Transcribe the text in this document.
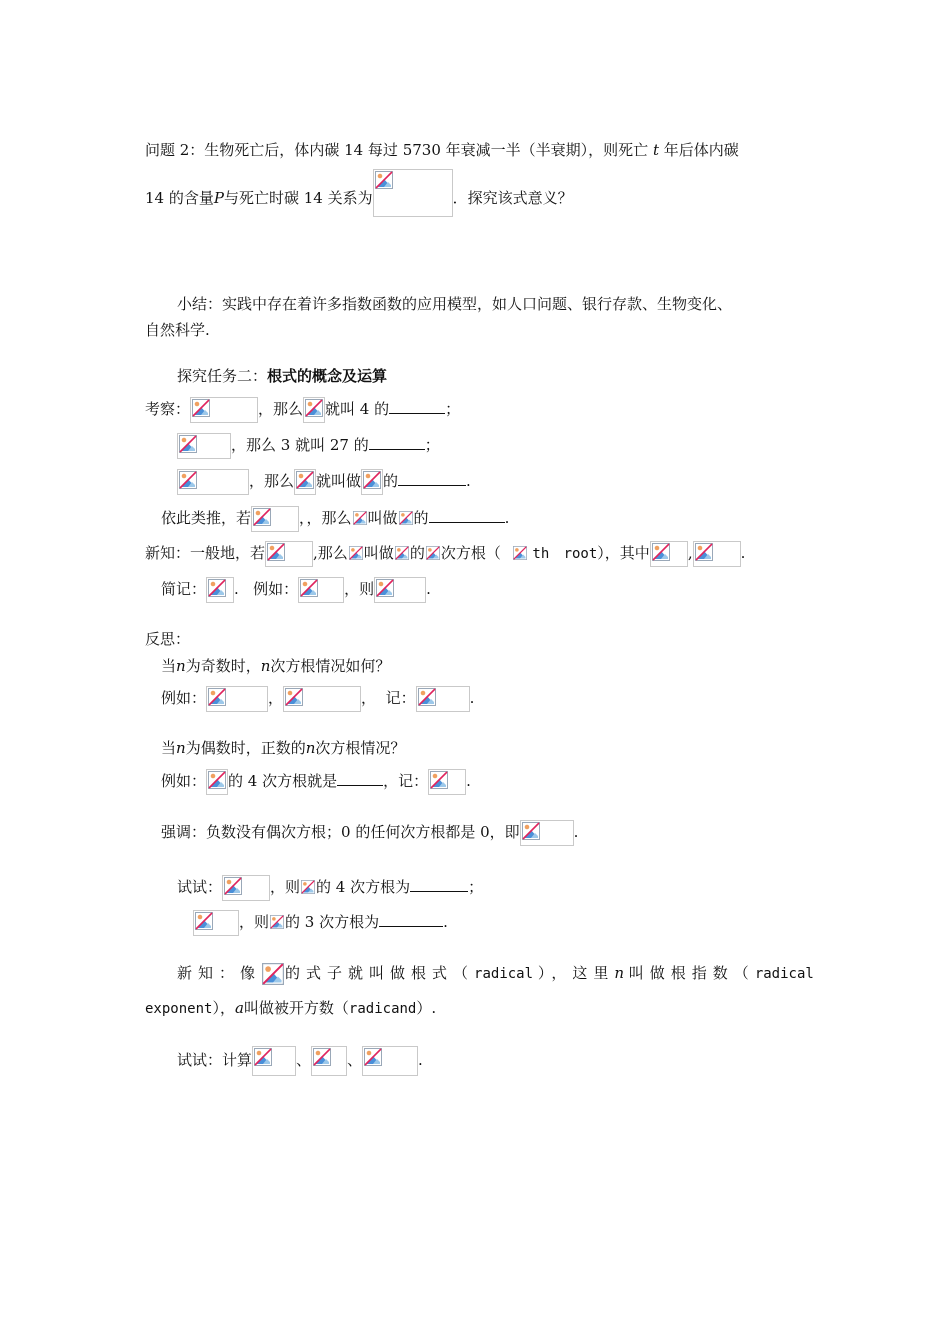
问题 2：生物死亡后，体内碳 14 每过 5730 年衰减一半（半衰期），则死亡 t 年后体内碳
14 的含量P与死亡时碳 14 关系为	．探究该式意义？
小结：实践中存在着许多指数函数的应用模型，如人口问题、银行存款、生物变化、
自然科学.
探究任务二：根式的概念及运算
考察：	，那么 就叫 4 的	；
，那么 3 就叫 27 的	；
，那么 就叫做 的	.
依此类推，若	，，那么 叫做 的	.
新知：一般地，若	,那么 叫做 的 次方根（ th root），其中	,	.
简记： . 例如：	，则	.
反思：
当n为奇数时，n次方根情况如何？
例如：	，	， 记：	.
当n为偶数时，正数的n次方根情况？
例如： 的 4 次方根就是	，记：	.
强调：负数没有偶次方根；0 的任何次方根都是 0，即	.
试试：	，则 的 4 次方根为	；
，则 的 3 次方根为	.
新知：像 的式子就叫做根式（radical ），这里n 叫做根指数（radical
exponent），a叫做被开方数（radicand）.
试试：计算	、 、	.
